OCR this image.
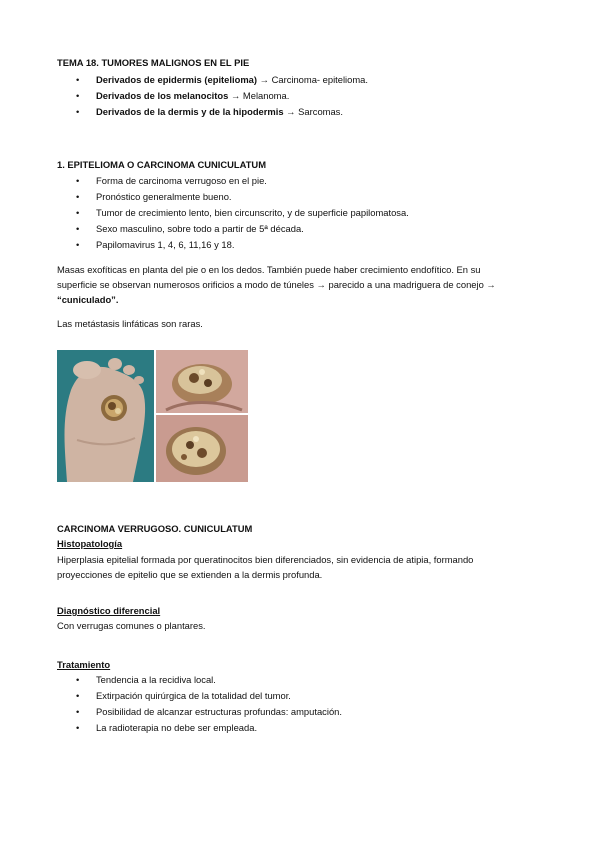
TEMA 18. TUMORES MALIGNOS EN EL PIE
• Derivados de epidermis (epitelioma) → Carcinoma- epitelioma.
• Derivados de los melanocitos → Melanoma.
• Derivados de la dermis y de la hipodermis → Sarcomas.
1. EPITELIOMA O CARCINOMA CUNICULATUM
• Forma de carcinoma verrugoso en el pie.
• Pronóstico generalmente bueno.
• Tumor de crecimiento lento, bien circunscrito, y de superficie papilomatosa.
• Sexo masculino, sobre todo a partir de 5ª década.
• Papilomavirus 1, 4, 6, 11,16 y 18.
Masas exofíticas en planta del pie o en los dedos. También puede haber crecimiento endofítico. En su
superficie se observan numerosos orificios a modo de túneles → parecido a una madriguera de conejo →
“cuniculado”.
Las metástasis linfáticas son raras.
CARCINOMA VERRUGOSO. CUNICULATUM
Histopatología
Hiperplasia epitelial formada por queratinocitos bien diferenciados, sin evidencia de atipia, formando
proyecciones de epitelio que se extienden a la dermis profunda.
Diagnóstico diferencial
Con verrugas comunes o plantares.
Tratamiento
• Tendencia a la recidiva local.
• Extirpación quirúrgica de la totalidad del tumor.
• Posibilidad de alcanzar estructuras profundas: amputación.
• La radioterapia no debe ser empleada.
